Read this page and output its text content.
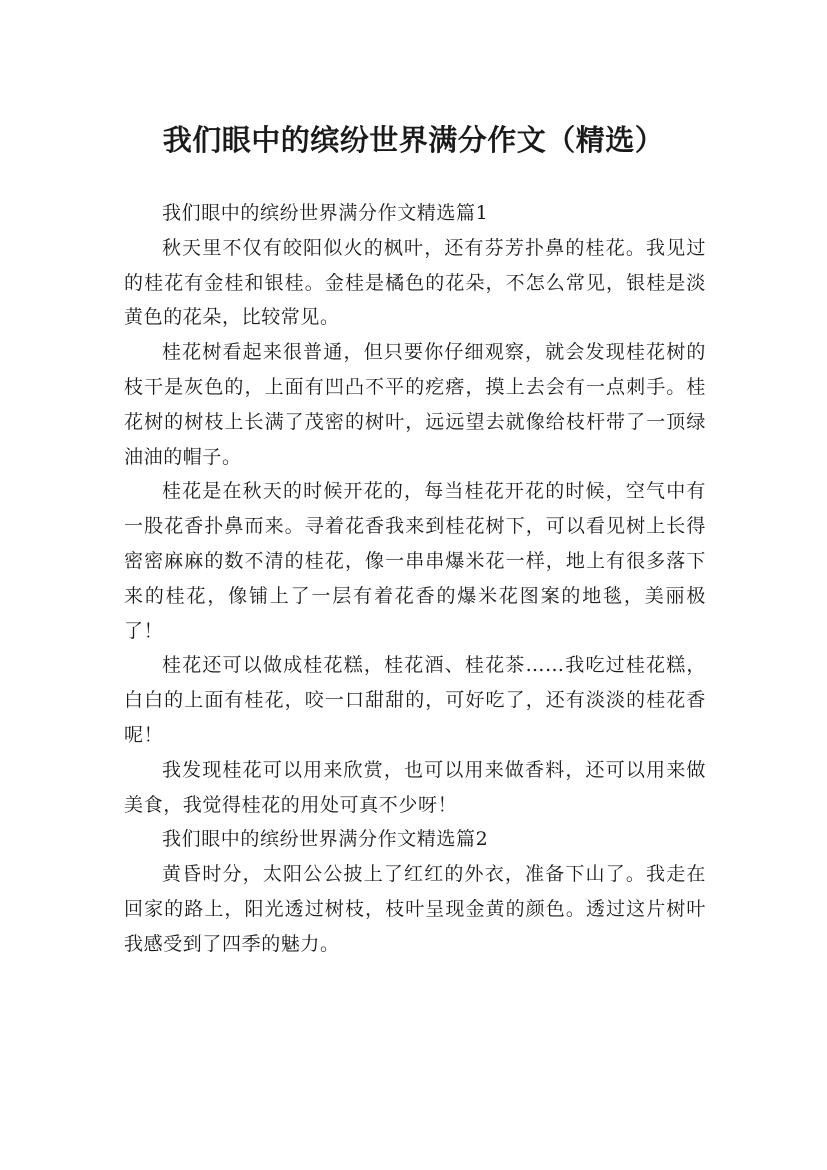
我们眼中的缤纷世界满分作文（精选）

我们眼中的缤纷世界满分作文精选篇1

秋天里不仅有皎阳似火的枫叶，还有芬芳扑鼻的桂花。我见过的桂花有金桂和银桂。金桂是橘色的花朵，不怎么常见，银桂是淡黄色的花朵，比较常见。

桂花树看起来很普通，但只要你仔细观察，就会发现桂花树的枝干是灰色的，上面有凹凸不平的疙瘩，摸上去会有一点刺手。桂花树的树枝上长满了茂密的树叶，远远望去就像给枝杆带了一顶绿油油的帽子。

桂花是在秋天的时候开花的，每当桂花开花的时候，空气中有一股花香扑鼻而来。寻着花香我来到桂花树下，可以看见树上长得密密麻麻的数不清的桂花，像一串串爆米花一样，地上有很多落下来的桂花，像铺上了一层有着花香的爆米花图案的地毯，美丽极了！

桂花还可以做成桂花糕，桂花酒、桂花茶……我吃过桂花糕，白白的上面有桂花，咬一口甜甜的，可好吃了，还有淡淡的桂花香呢！

我发现桂花可以用来欣赏，也可以用来做香料，还可以用来做美食，我觉得桂花的用处可真不少呀！

我们眼中的缤纷世界满分作文精选篇2

黄昏时分，太阳公公披上了红红的外衣，准备下山了。我走在回家的路上，阳光透过树枝，枝叶呈现金黄的颜色。透过这片树叶我感受到了四季的魅力。
